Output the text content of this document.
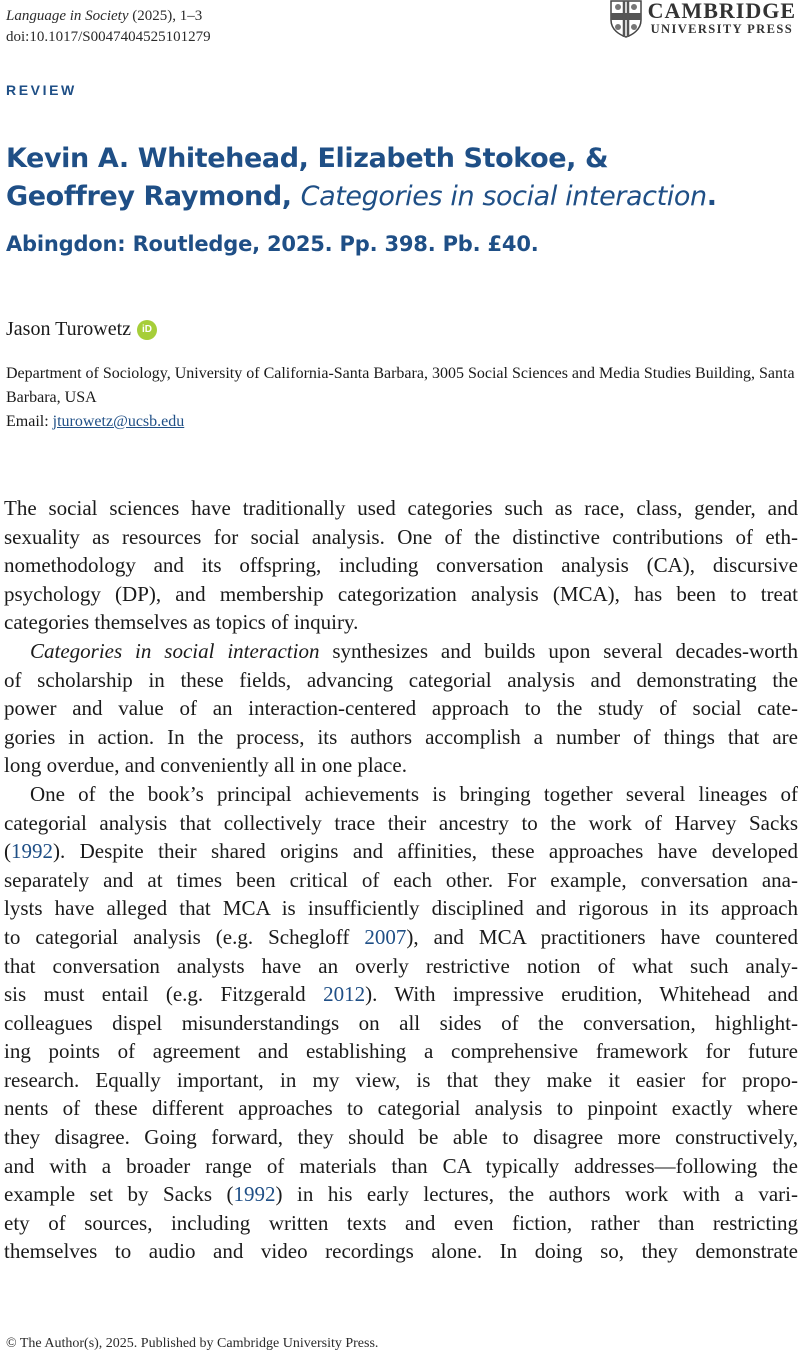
Language in Society (2025), 1–3
doi:10.1017/S0047404525101279
CAMBRIDGE
UNIVERSITY PRESS
REVIEW
Kevin A. Whitehead, Elizabeth Stokoe, &
Geoffrey Raymond, Categories in social interaction.
Abingdon: Routledge, 2025. Pp. 398. Pb. £40.
Jason Turowetz	iD
Department of Sociology, University of California-Santa Barbara, 3005 Social Sciences and Media Studies Building, Santa Barbara, USA
Email: jturowetz@ucsb.edu
The social sciences have traditionally used categories such as race, class, gender, and
sexuality as resources for social analysis. One of the distinctive contributions of eth-
nomethodology and its offspring, including conversation analysis (CA), discursive
psychology (DP), and membership categorization analysis (MCA), has been to treat
categories themselves as topics of inquiry.
Categories in social interaction synthesizes and builds upon several decades-worth
of scholarship in these fields, advancing categorial analysis and demonstrating the
power and value of an interaction-centered approach to the study of social cate-
gories in action. In the process, its authors accomplish a number of things that are
long overdue, and conveniently all in one place.
One of the book’s principal achievements is bringing together several lineages of
categorial analysis that collectively trace their ancestry to the work of Harvey Sacks
(1992). Despite their shared origins and affinities, these approaches have developed
separately and at times been critical of each other. For example, conversation ana-
lysts have alleged that MCA is insufficiently disciplined and rigorous in its approach
to categorial analysis (e.g. Schegloff 2007), and MCA practitioners have countered
that conversation analysts have an overly restrictive notion of what such analy-
sis must entail (e.g. Fitzgerald 2012). With impressive erudition, Whitehead and
colleagues dispel misunderstandings on all sides of the conversation, highlight-
ing points of agreement and establishing a comprehensive framework for future
research. Equally important, in my view, is that they make it easier for propo-
nents of these different approaches to categorial analysis to pinpoint exactly where
they disagree. Going forward, they should be able to disagree more constructively,
and with a broader range of materials than CA typically addresses—following the
example set by Sacks (1992) in his early lectures, the authors work with a vari-
ety of sources, including written texts and even fiction, rather than restricting
themselves to audio and video recordings alone. In doing so, they demonstrate
© The Author(s), 2025. Published by Cambridge University Press.
